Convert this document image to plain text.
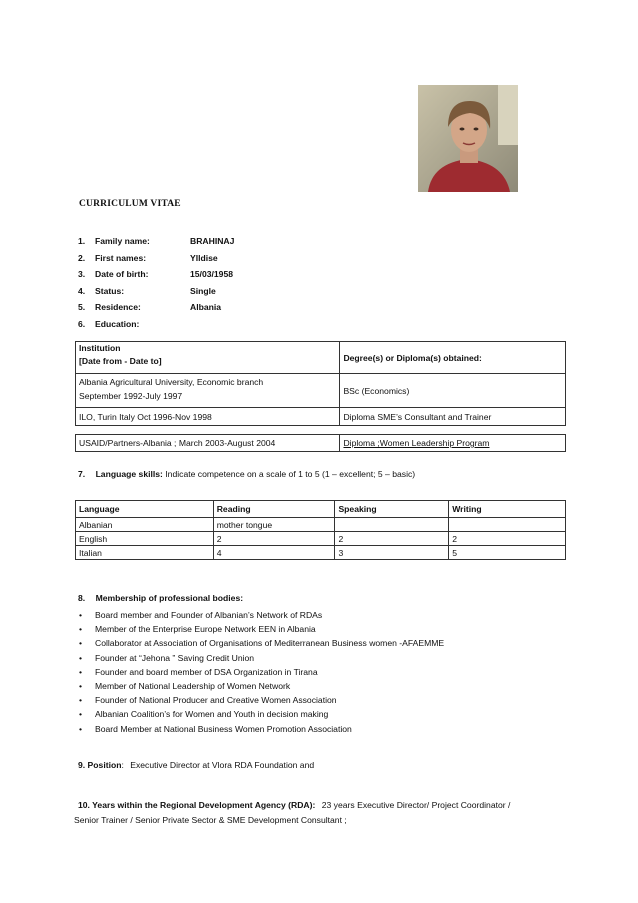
CURRICULUM VITAE
1.	Family name:	BRAHINAJ
2.	First names:	Ylldise
3.	Date of birth:	15/03/1958
4.	Status:	Single
5.	Residence:	Albania
6.	Education:
Institution
[Date from - Date to]	Degree(s) or Diploma(s) obtained:

Albania Agricultural University, Economic branch
September 1992-July 1997	BSc (Economics)
ILO, Turin Italy Oct 1996-Nov 1998	Diploma SME’s Consultant and Trainer
USAID/Partners-Albania ; March 2003-August 2004	Diploma ;Women Leadership Program
7. Language skills: Indicate competence on a scale of 1 to 5 (1 – excellent; 5 – basic)
Language	Reading	Speaking	Writing
Albanian	mother tongue		
English	2	2	2
Italian	4	3	5
8. Membership of professional bodies:
• Board member and Founder of Albanian’s Network of RDAs
• Member of the Enterprise Europe Network EEN in Albania
• Collaborator at Association of Organisations of Mediterranean Business women -AFAEMME
• Founder at “Jehona ” Saving Credit Union
• Founder and board member of DSA Organization in Tirana
• Member of National Leadership of Women Network
• Founder of National Producer and Creative Women Association
• Albanian Coalition’s for Women and Youth in decision making
• Board Member at National Business Women Promotion Association
9. Position: Executive Director at Vlora RDA Foundation and
10. Years within the Regional Development Agency (RDA): 23 years Executive Director/ Project Coordinator /
Senior Trainer / Senior Private Sector & SME Development Consultant ;
